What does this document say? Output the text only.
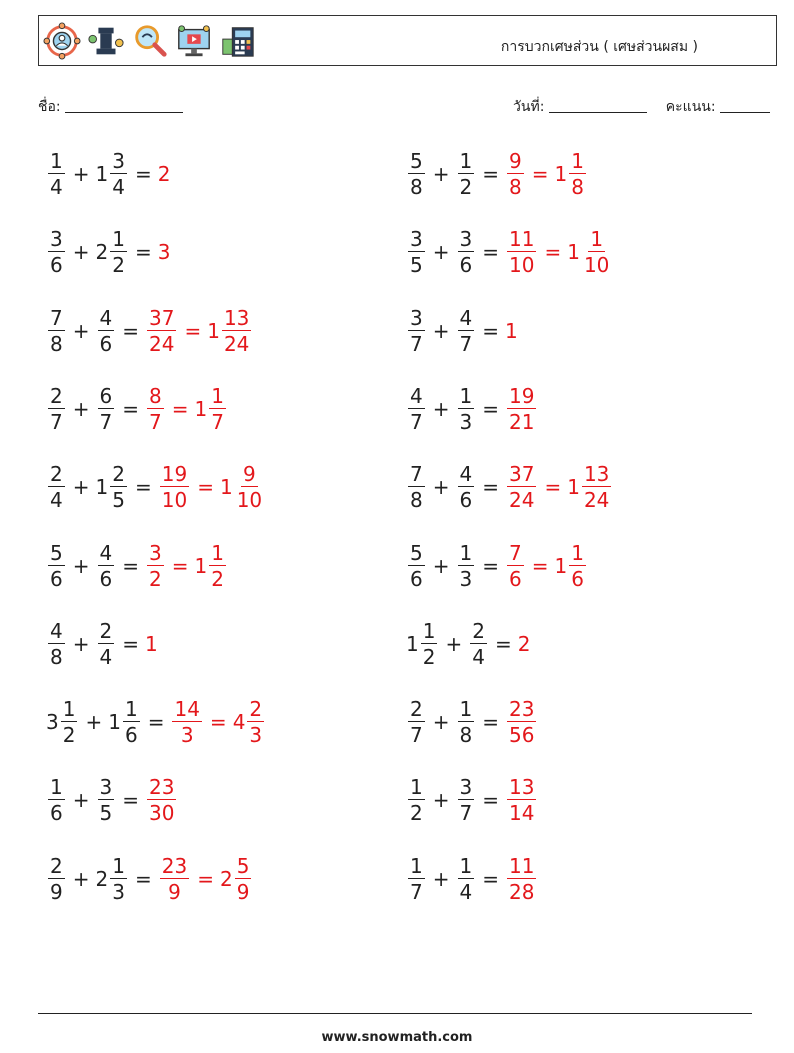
การบวกเศษส่วน ( เศษส่วนผสม )
ชื่อ:	วันที่:	คะแนน:
$\frac{1}{4} + 1 \frac{3}{4} = 2$	$\frac{5}{8} + \frac{1}{2} = \frac{9}{8} = 1 \frac{1}{8}$
$\frac{3}{6} + 2 \frac{1}{2} = 3$	$\frac{3}{5} + \frac{3}{6} = \frac{11}{10} = 1 \frac{1}{10}$
$\frac{7}{8} + \frac{4}{6} = \frac{37}{24} = 1 \frac{13}{24}$	$\frac{3}{7} + \frac{4}{7} = 1$
$\frac{2}{7} + \frac{6}{7} = \frac{8}{7} = 1 \frac{1}{7}$	$\frac{4}{7} + \frac{1}{3} = \frac{19}{21}$
$\frac{2}{4} + 1 \frac{2}{5} = \frac{19}{10} = 1 \frac{9}{10}$	$\frac{7}{8} + \frac{4}{6} = \frac{37}{24} = 1 \frac{13}{24}$
$\frac{5}{6} + \frac{4}{6} = \frac{3}{2} = 1 \frac{1}{2}$	$\frac{5}{6} + \frac{1}{3} = \frac{7}{6} = 1 \frac{1}{6}$
$\frac{4}{8} + \frac{2}{4} = 1$	$1 \frac{1}{2} + \frac{2}{4} = 2$
$3 \frac{1}{2} + 1 \frac{1}{6} = \frac{14}{3} = 4 \frac{2}{3}$	$\frac{2}{7} + \frac{1}{8} = \frac{23}{56}$
$\frac{1}{6} + \frac{3}{5} = \frac{23}{30}$	$\frac{1}{2} + \frac{3}{7} = \frac{13}{14}$
$\frac{2}{9} + 2 \frac{1}{3} = \frac{23}{9} = 2 \frac{5}{9}$	$\frac{1}{7} + \frac{1}{4} = \frac{11}{28}$
www.snowmath.com
